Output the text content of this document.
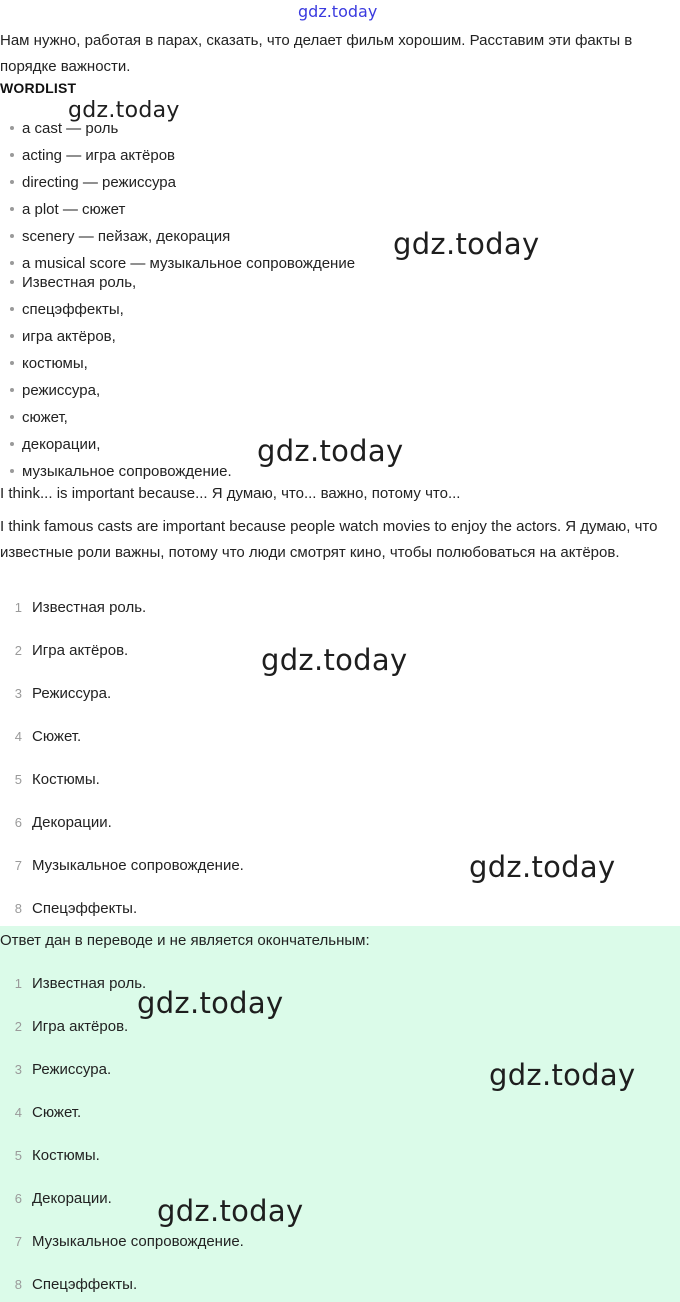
gdz.today
Нам нужно, работая в парах, сказать, что делает фильм хорошим. Расставим эти факты в порядке важности.
WORDLIST
a cast — роль
acting — игра актёров
directing — режиссура
a plot — сюжет
scenery — пейзаж, декорация
a musical score — музыкальное сопровождение
Известная роль,
спецэффекты,
игра актёров,
костюмы,
режиссура,
сюжет,
декорации,
музыкальное сопровождение.
I think... is important because... Я думаю, что... важно, потому что...
I think famous casts are important because people watch movies to enjoy the actors. Я думаю, что известные роли важны, потому что люди смотрят кино, чтобы полюбоваться на актёров.
1 Известная роль.
2 Игра актёров.
3 Режиссура.
4 Сюжет.
5 Костюмы.
6 Декорации.
7 Музыкальное сопровождение.
8 Спецэффекты.
Ответ дан в переводе и не является окончательным:
1 Известная роль.
2 Игра актёров.
3 Режиссура.
4 Сюжет.
5 Костюмы.
6 Декорации.
7 Музыкальное сопровождение.
8 Спецэффекты.
gdz.today
gdz.today
gdz.today
gdz.today
gdz.today
gdz.today
gdz.today
gdz.today
